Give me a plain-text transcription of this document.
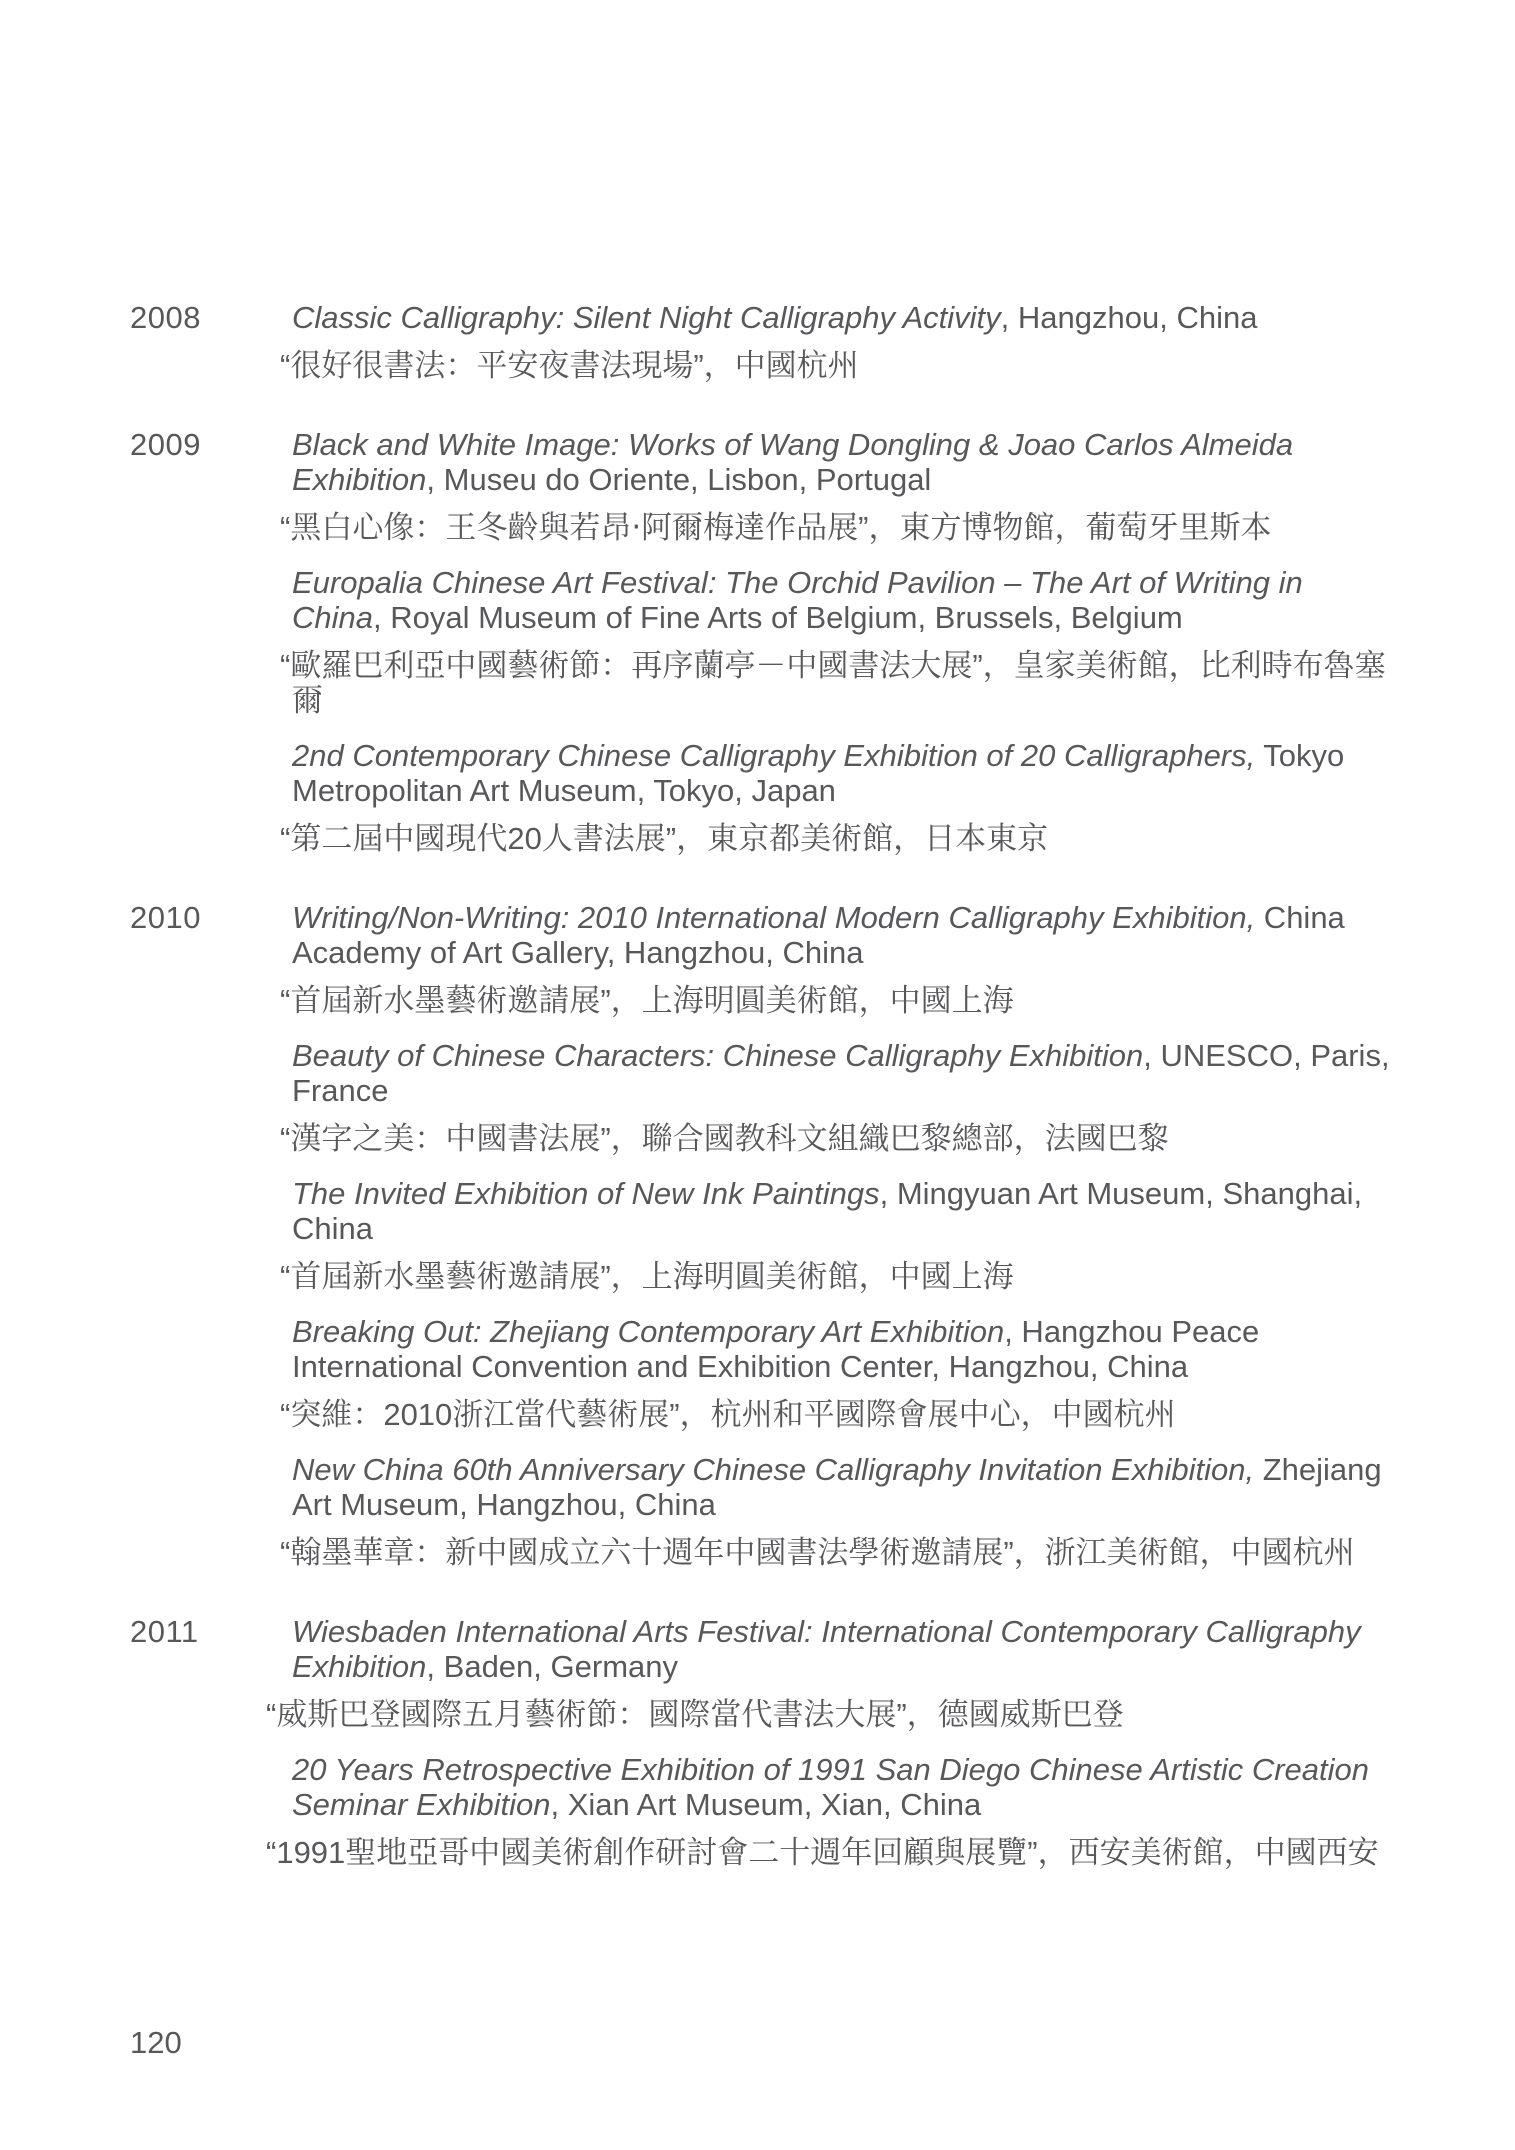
2008	Classic Calligraphy: Silent Night Calligraphy Activity, Hangzhou, China

“很好很書法：平安夜書法現場”，中國杭州

2009	Black and White Image: Works of Wang Dongling & Joao Carlos Almeida Exhibition, Museu do Oriente, Lisbon, Portugal

“黑白心像：王冬齡與若昂‧阿爾梅達作品展”，東方博物館，葡萄牙里斯本

Europalia Chinese Art Festival: The Orchid Pavilion – The Art of Writing in China, Royal Museum of Fine Arts of Belgium, Brussels, Belgium

“歐羅巴利亞中國藝術節：再序蘭亭－中國書法大展”，皇家美術館，比利時布魯塞爾

2nd Contemporary Chinese Calligraphy Exhibition of 20 Calligraphers, Tokyo Metropolitan Art Museum, Tokyo, Japan

“第二屆中國現代20人書法展”，東京都美術館，日本東京

2010	Writing/Non-Writing: 2010 International Modern Calligraphy Exhibition, China Academy of Art Gallery, Hangzhou, China

“首屆新水墨藝術邀請展”，上海明圓美術館，中國上海

Beauty of Chinese Characters: Chinese Calligraphy Exhibition, UNESCO, Paris, France

“漢字之美：中國書法展”，聯合國教科文組織巴黎總部，法國巴黎

The Invited Exhibition of New Ink Paintings, Mingyuan Art Museum, Shanghai, China

“首屆新水墨藝術邀請展”，上海明圓美術館，中國上海

Breaking Out: Zhejiang Contemporary Art Exhibition, Hangzhou Peace International Convention and Exhibition Center, Hangzhou, China

“突維：2010浙江當代藝術展”，杭州和平國際會展中心，中國杭州

New China 60th Anniversary Chinese Calligraphy Invitation Exhibition, Zhejiang Art Museum, Hangzhou, China

“翰墨華章：新中國成立六十週年中國書法學術邀請展”，浙江美術館，中國杭州

2011	Wiesbaden International Arts Festival: International Contemporary Calligraphy Exhibition, Baden, Germany

“威斯巴登國際五月藝術節：國際當代書法大展”，德國威斯巴登

20 Years Retrospective Exhibition of 1991 San Diego Chinese Artistic Creation Seminar Exhibition, Xian Art Museum, Xian, China

“1991聖地亞哥中國美術創作研討會二十週年回顧與展覽”，西安美術館，中國西安

120
